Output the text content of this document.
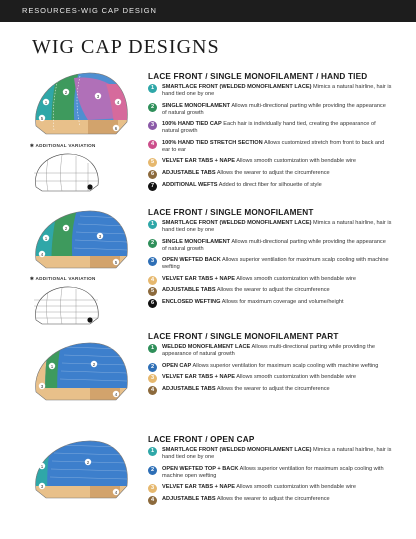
RESOURCES-WIG CAP DESIGN
WIG CAP DESIGNS
1
2
3
4
5
6
✱ ADDITIONAL VARIATION
LACE FRONT / SINGLE MONOFILAMENT / HAND TIED
1	SMARTLACE FRONT (WELDED MONOFILAMENT LACE) Mimics a natural hairline, hair is hand tied one by one
2	SINGLE MONOFILAMENT Allows multi-directional parting while providing the appearance of natural growth
3	100% HAND TIED CAP Each hair is individually hand tied, creating the appearance of natural growth
4	100% HAND TIED STRETCH SECTION Allows customized stretch from front to back and ear to ear
5	VELVET EAR TABS + NAPE Allows smooth customization with bendable wire
6	ADJUSTABLE TABS Allows the wearer to adjust the circumference
7	ADDITIONAL WEFTS Added to direct fiber for silhouette of style
1
2
3
4
5
✱ ADDITIONAL VARIATION
LACE FRONT / SINGLE MONOFILAMENT
1	SMARTLACE FRONT (WELDED MONOFILAMENT LACE) Mimics a natural hairline, hair is hand tied one by one
2	SINGLE MONOFILAMENT Allows multi-directional parting while providing the appearance of natural growth
3	OPEN WEFTED BACK Allows superior ventilation for maximum scalp cooling with machine wefting
4	VELVET EAR TABS + NAPE Allows smooth customization with bendable wire
5	ADJUSTABLE TABS Allows the wearer to adjust the circumference
6	ENCLOSED WEFTING Allows for maximum coverage and volume/height
1	2
3
4
LACE FRONT / SINGLE MONOFILAMENT PART
1	WELDED MONOFILAMENT LACE Allows multi-directional parting while providing the appearance of natural growth
2	OPEN CAP Allows superior ventilation for maximum scalp cooling with machine wefting
3	VELVET EAR TABS + NAPE Allows smooth customization with bendable wire
4	ADJUSTABLE TABS Allows the wearer to adjust the circumference
1
2
3
4
LACE FRONT / OPEN CAP
1	SMARTLACE FRONT (WELDED MONOFILAMENT LACE) Mimics a natural hairline, hair is hand tied one by one
2	OPEN WEFTED TOP + BACK Allows superior ventilation for maximum scalp cooling with machine open wefting
3	VELVET EAR TABS + NAPE Allows smooth customization with bendable wire
4	ADJUSTABLE TABS Allows the wearer to adjust the circumference
